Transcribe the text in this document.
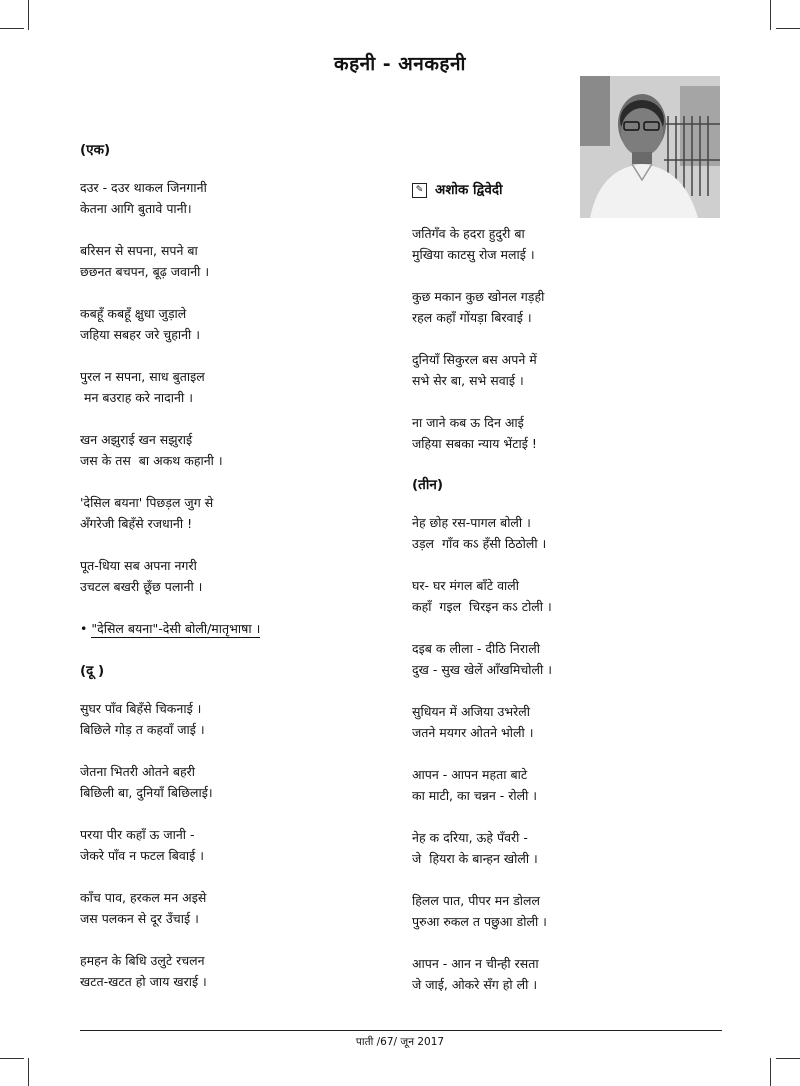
कहनी - अनकहनी
(एक)
दउर - दउर थाकल जिनगानी
केतना आगि बुतावे पानी।
बरिसन से सपना, सपने बा
छछनत बचपन, बूढ़ जवानी ।
कबहूँ कबहूँ क्षुधा जुड़ाले
जहिया सबहर जरे चुहानी ।
पुरल न सपना, साध बुताइल
मन बउराह करे नादानी ।
खन अझुराई खन सझुराई
जस के तस  बा अकथ कहानी ।
'देसिल बयना' पिछड़ल जुग से
अँगरेजी बिहँसे रजधानी !
पूत-धिया सब अपना नगरी
उचटल बखरी छूँछ पलानी ।
• "देसिल बयना"-देसी बोली/मातृभाषा ।
(दू )
सुघर पाँव बिहँसे चिकनाई ।
बिछिले गोड़ त कहवाँ जाई ।
जेतना भितरी ओतने बहरी
बिछिली बा, दुनियाँ बिछिलाई।
परया पीर कहाँ ऊ जानी -
जेकरे पाँव न फटल बिवाई ।
काँच पाव, हरकल मन अइसे
जस पलकन से दूर उँचाई ।
हमहन के बिधि उलुटे रचलन
खटत-खटत हो जाय खराई ।
✎ अशोक द्विवेदी
जतिगँव के हदरा हुदुरी बा
मुखिया काटसु रोज मलाई ।
कुछ मकान कुछ खोनल गड़ही
रहल कहाँ गोंयड़ा बिरवाई ।
दुनियाँ सिकुरल बस अपने में
सभे सेर बा, सभे सवाई ।
ना जाने कब ऊ दिन आई
जहिया सबका न्याय भेंटाई !
(तीन)
नेह छोह रस-पागल बोली ।
उड़ल  गाँव कऽ हँसी ठिठोली ।
घर- घर मंगल बाँटे वाली
कहाँ  गइल  चिरइन कऽ टोली ।
दइब क लीला - दीठि निराली
दुख - सुख खेलें आँखमिचोली ।
सुधियन में अजिया उभरेली
जतने मयगर ओतने भोली ।
आपन - आपन महता बाटे
का माटी, का चन्नन - रोली ।
नेह क दरिया, ऊहे पँवरी -
जे  हियरा के बान्हन खोली ।
हिलल पात, पीपर मन डोलल
पुरुआ रुकल त पछुआ डोली ।
आपन - आन न चीन्ही रसता
जे जाई, ओकरे सँग हो ली ।
पाती /67/ जून 2017
